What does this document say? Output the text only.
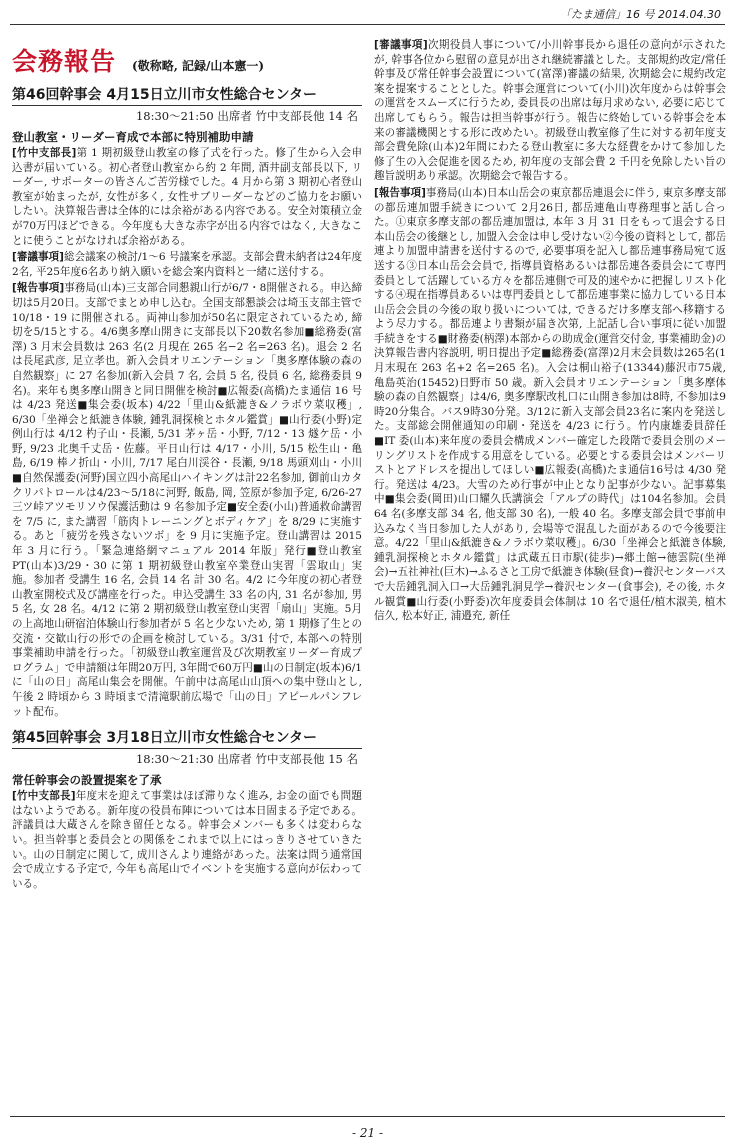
「たま通信」16 号 2014.04.30
会務報告 (敬称略, 記録/山本憲一)
第46回幹事会 4月15日立川市女性総合センター
18:30〜21:50 出席者 竹中支部長他 14 名
登山教室・リーダー育成で本部に特別補助申請

[竹中支部長]第 1 期初級登山教室の修了式を行った。修了生から入会申込書が届いている。初心者登山教室から約 2 年間, 酒井副支部長以下, リーダー, サポーターの皆さんご苦労様でした。4 月から第 3 期初心者登山教室が始まったが, 女性が多く, 女性サブリーダーなどのご協力をお願いしたい。決算報告書は全体的には余裕がある内容である。安全対策積立金が70万円ほどできる。今年度も大きな赤字が出る内容ではなく, 大きなことに使うことがなければ余裕がある。

[審議事項]総会議案の検討/1〜6 号議案を承認。支部会費未納者は24年度2名, 平25年度6名あり納入願いを総会案内資料と一緒に送付する。

[報告事項]事務局(山本)三支部合同懇親山行が6/7・8開催される。申込締切は5月20日。支部でまとめ申し込む。全国支部懇談会は埼玉支部主管で 10/18・19 に開催される。両神山参加が50名に限定されているため, 締切を5/15とする。4/6奥多摩山開きに支部長以下20数名参加■総務委(富澤) 3 月末会員数は 263 名(2 月現在 265 名−2 名=263 名)。退会 2 名は長尾武彦, 足立孝也。新入会員オリエンテーション「奥多摩体験の森の自然観察」に 27 名参加(新入会員 7 名, 会員 5 名, 役員 6 名, 総務委員 9 名)。来年も奥多摩山開きと同日開催を検討■広報委(高橋)たま通信 16 号は 4/23 発送■集会委(坂本) 4/22「里山&紙漉き&ノラボウ菜収穫」, 6/30「坐禅会と紙漉き体験, 鍾乳洞探検とホタル鑑賞」■山行委(小野)定例山行は 4/12 杓子山・長瀬, 5/31 茅ヶ岳・小野, 7/12・13 燧ケ岳・小野, 9/23 北奥千丈岳・佐藤。平日山行は 4/17・小川, 5/15 松生山・亀島, 6/19 棒ノ折山・小川, 7/17 尾白川渓谷・長瀬, 9/18 馬頭刈山・小川■自然保護委(河野)国立四小高尾山ハイキングは計22名参加, 御前山カタクリパトロールは4/23〜5/18に河野, 飯島, 岡, 笠原が参加予定, 6/26-27 三ツ峠アツモリソウ保護活動は 9 名参加予定■安全委(小山)普通救命講習を 7/5 に, また講習「筋肉トレーニングとボディケア」を 8/29 に実施する。あと「疲労を残さないツボ」を 9 月に実施予定。登山講習は 2015 年 3 月に行う。「緊急連絡網マニュアル 2014 年版」発行■登山教室PT(山本)3/29・30 に第 1 期初級登山教室卒業登山実習「雲取山」実施。参加者 受講生 16 名, 会員 14 名 計 30 名。4/2 に今年度の初心者登山教室開校式及び講座を行った。申込受講生 33 名の内, 31 名が参加, 男 5 名, 女 28 名。4/12 に第 2 期初級登山教室登山実習「扇山」実施。5月の上高地山研宿泊体験山行参加者が 5 名と少ないため, 第 1 期修了生との交流・交歓山行の形での企画を検討している。3/31 付で, 本部への特別事業補助申請を行った。「初級登山教室運営及び次期教室リーダー育成プログラム」で申請額は年間20万円, 3年間で60万円■山の日制定(坂本)6/1 に「山の日」高尾山集会を開催。午前中は高尾山山頂への集中登山とし, 午後 2 時頃から 3 時頃まで清滝駅前広場で「山の日」アピールパンフレット配布。

第45回幹事会 3月18日立川市女性総合センター
18:30〜21:30 出席者 竹中支部長他 15 名
常任幹事会の設置提案を了承

[竹中支部長]年度末を迎えて事業はほぼ滞りなく進み, お金の面でも問題はないようである。新年度の役員布陣については本日固まる予定である。評議員は大蔵さんを除き留任となる。幹事会メンバーも多くは変わらない。担当幹事と委員会との関係をこれまで以上にはっきりさせていきたい。山の日制定に関して, 成川さんより連絡があった。法案は問う通常国会で成立する予定で, 今年も高尾山でイベントを実施する意向が伝わっている。

[審議事項]次期役員人事について/小川幹事長から退任の意向が示されたが, 幹事各位から慰留の意見が出され継続審議とした。支部規約改定/常任幹事及び常任幹事会設置について(富澤)審議の結果, 次期総会に規約改定案を提案することとした。幹事会運営について(小川)次年度からは幹事会の運営をスムーズに行うため, 委員長の出席は毎月求めない, 必要に応じて出席してもらう。報告は担当幹事が行う。報告に終始している幹事会を本来の審議機関とする形に改めたい。初級登山教室修了生に対する初年度支部会費免除(山本)2年間にわたる登山教室に多大な経費をかけて参加した修了生の入会促進を図るため, 初年度の支部会費 2 千円を免除したい旨の趣旨説明あり承認。次期総会で報告する。

[報告事項]事務局(山本)日本山岳会の東京都岳連退会に伴う, 東京多摩支部の都岳連加盟手続きについて 2月26日, 都岳連亀山専務理事と話し合った。①東京多摩支部の都岳連加盟は, 本年 3 月 31 日をもって退会する日本山岳会の後継とし, 加盟入会金は申し受けない②今後の資料として, 都岳連より加盟申請書を送付するので, 必要事項を記入し都岳連事務局宛て返送する③日本山岳会会員で, 指導員資格あるいは都岳連各委員会にて専門委員として活躍している方々を都岳連側で可及的速やかに把握しリスト化する④現在指導員あるいは専門委員として都岳連事業に協力している日本山岳会会員の今後の取り扱いについては, できるだけ多摩支部へ移籍するよう尽力する。都岳連より書類が届き次第, 上記話し合い事項に従い加盟手続きをする■財務委(柄澤)本部からの助成金(運営交付金, 事業補助金)の決算報告書内容説明, 明日提出予定■総務委(富澤)2月末会員数は265名(1 月末現在 263 名+2 名=265 名)。入会は桐山裕子(13344)藤沢市75歳, 亀島英治(15452)日野市 50 歳。新入会員オリエンテーション「奥多摩体験の森の自然観察」は4/6, 奥多摩駅改札口に山開き参加は8時, 不参加は9時20分集合。バス9時30分発。3/12に新入支部会員23名に案内を発送した。支部総会開催通知の印刷・発送を 4/23 に行う。竹内康雄委員辞任■IT 委(山本)来年度の委員会構成メンバー確定した段階で委員会別のメーリングリストを作成する用意をしている。必要とする委員会はメンバーリストとアドレスを提出してほしい■広報委(高橋)たま通信16号は 4/30 発行。発送は 4/23。大雪のため行事が中止となり記事が少ない。記事募集中■集会委(岡田)山口耀久氏講演会「アルプの時代」は104名参加。会員 64 名(多摩支部 34 名, 他支部 30 名), 一般 40 名。多摩支部会員で事前申込みなく当日参加した人があり, 会場等で混乱した面があるので今後要注意。4/22「里山&紙漉き&ノラボウ菜収穫」。6/30「坐禅会と紙漉き体験, 鍾乳洞探検とホタル鑑賞」は武蔵五日市駅(徒歩)→郷土館→徳雲院(坐禅会)→五社神社(巨木)→ふるさと工房で紙漉き体験(昼食)→養沢センターバスで大岳鍾乳洞入口→大岳鍾乳洞見学→養沢センター(食事会), その後, ホタル観賞■山行委(小野委)次年度委員会体制は 10 名で退任/植木淑美, 植木信久, 松本好正, 浦邉充, 新任

- 21 -
